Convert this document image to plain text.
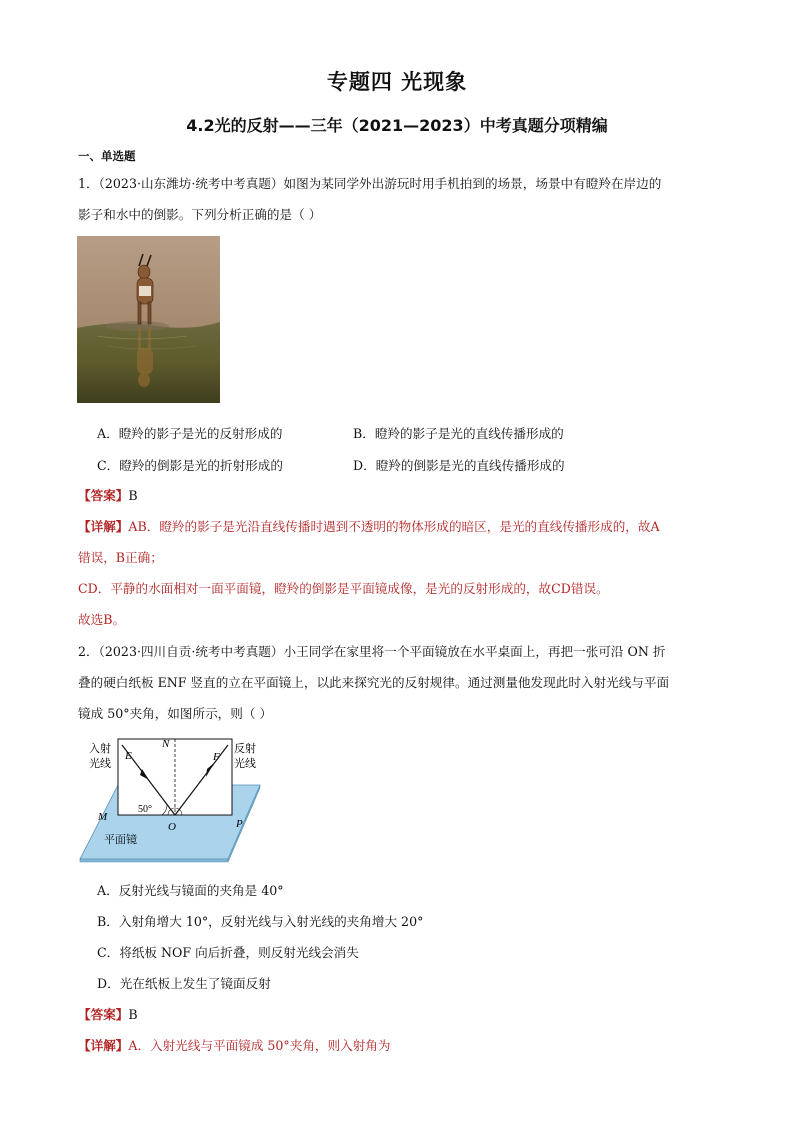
专题四 光现象
4.2光的反射——三年（2021—2023）中考真题分项精编
一、单选题
1．（2023·山东潍坊·统考中考真题）如图为某同学外出游玩时用手机拍到的场景，场景中有瞪羚在岸边的
影子和水中的倒影。下列分析正确的是（ ）
A．瞪羚的影子是光的反射形成的	B．瞪羚的影子是光的直线传播形成的
C．瞪羚的倒影是光的折射形成的	D．瞪羚的倒影是光的直线传播形成的
【答案】B
【详解】AB．瞪羚的影子是光沿直线传播时遇到不透明的物体形成的暗区，是光的直线传播形成的，故A
错误，B正确；
CD．平静的水面相对一面平面镜，瞪羚的倒影是平面镜成像，是光的反射形成的，故CD错误。
故选B。
2．（2023·四川自贡·统考中考真题）小王同学在家里将一个平面镜放在水平桌面上，再把一张可沿 ON 折
叠的硬白纸板 ENF 竖直的立在平面镜上，以此来探究光的反射规律。通过测量他发现此时入射光线与平面
镜成 50°夹角，如图所示，则（ ）
入射
光线
反射
光线
N
E	F
50°
M
O	P
平面镜
A．反射光线与镜面的夹角是 40°
B．入射角增大 10°，反射光线与入射光线的夹角增大 20°
C．将纸板 NOF 向后折叠，则反射光线会消失
D．光在纸板上发生了镜面反射
【答案】B
【详解】A．入射光线与平面镜成 50°夹角，则入射角为
